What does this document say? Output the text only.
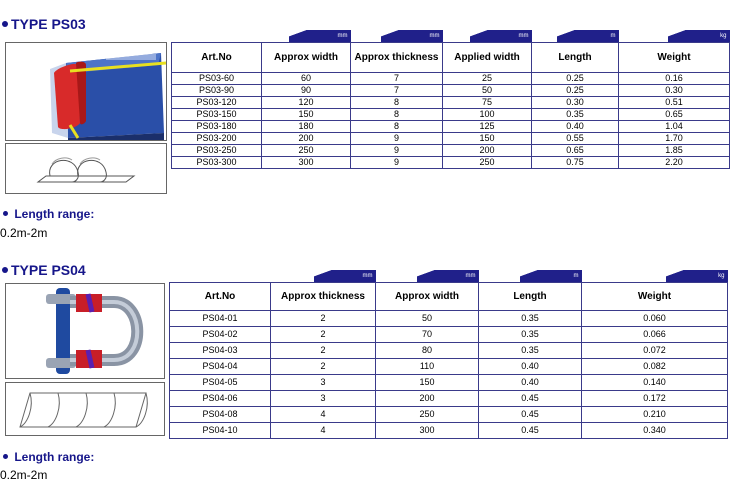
TYPE PS03

	mm	mm	mm	m	kg

Art.No	Approx width	Approx thickness	Applied width	Length	Weight
PS03-60	60	7	25	0.25	0.16
PS03-90	90	7	50	0.25	0.30
PS03-120	120	8	75	0.30	0.51
PS03-150	150	8	100	0.35	0.65
PS03-180	180	8	125	0.40	1.04
PS03-200	200	9	150	0.55	1.70
PS03-250	250	9	200	0.65	1.85
PS03-300	300	9	250	0.75	2.20
Length range:
0.2m-2m
TYPE PS04

	mm	mm	m	kg

Art.No	Approx thickness	Approx width	Length	Weight
PS04-01	2	50	0.35	0.060
PS04-02	2	70	0.35	0.066
PS04-03	2	80	0.35	0.072
PS04-04	2	110	0.40	0.082
PS04-05	3	150	0.40	0.140
PS04-06	3	200	0.45	0.172
PS04-08	4	250	0.45	0.210
PS04-10	4	300	0.45	0.340
Length range:
0.2m-2m
